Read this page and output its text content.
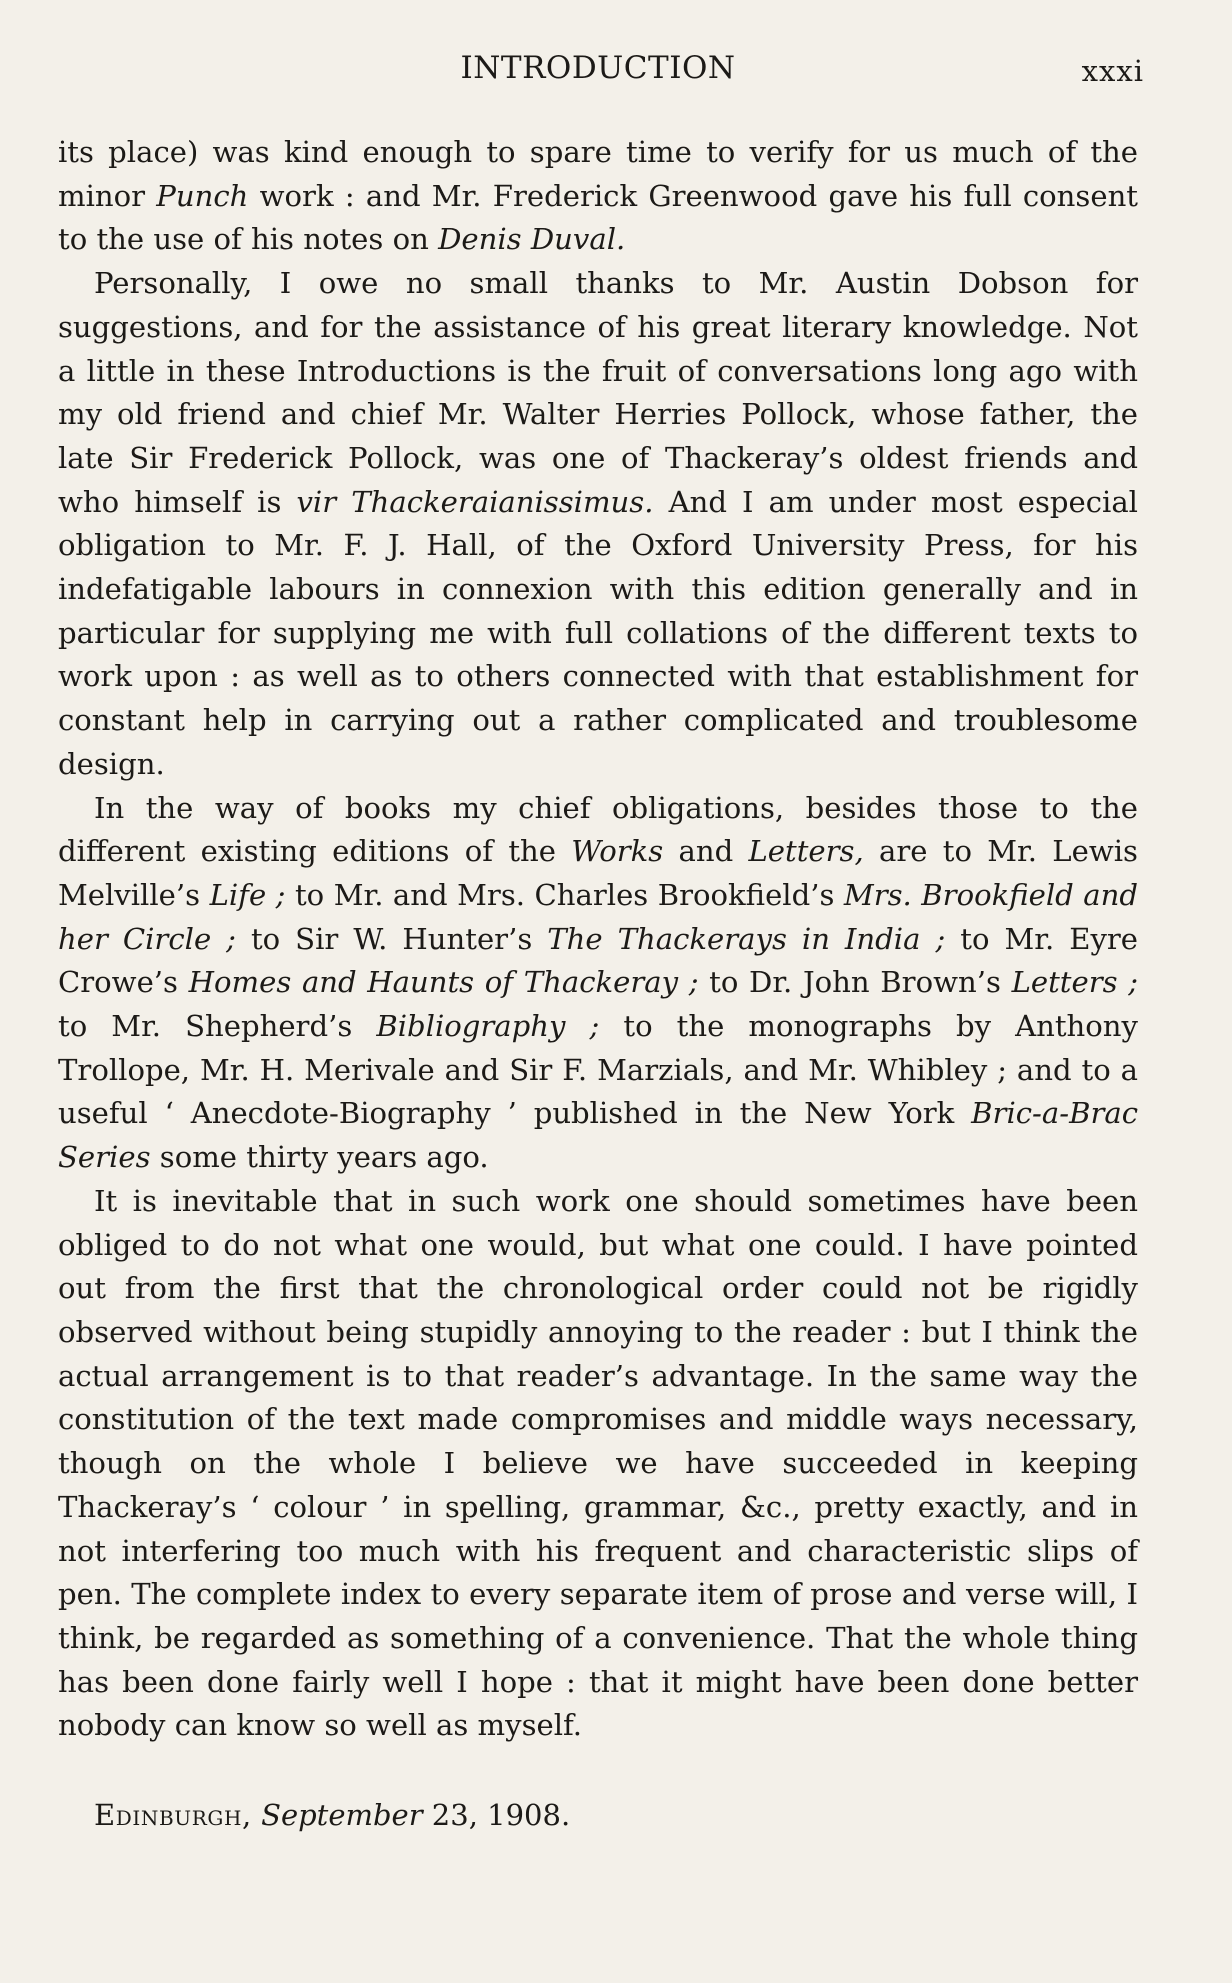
INTRODUCTION	xxxi

its place) was kind enough to spare time to verify for us much of the minor Punch work : and Mr. Frederick Greenwood gave his full consent to the use of his notes on Denis Duval.

Personally, I owe no small thanks to Mr. Austin Dobson for suggestions, and for the assistance of his great literary knowledge. Not a little in these Introductions is the fruit of conversations long ago with my old friend and chief Mr. Walter Herries Pollock, whose father, the late Sir Frederick Pollock, was one of Thackeray’s oldest friends and who himself is vir Thackeraianissimus. And I am under most especial obligation to Mr. F. J. Hall, of the Oxford University Press, for his indefatigable labours in connexion with this edition generally and in particular for supplying me with full collations of the different texts to work upon : as well as to others connected with that establishment for constant help in carrying out a rather complicated and troublesome design.

In the way of books my chief obligations, besides those to the different existing editions of the Works and Letters, are to Mr. Lewis Melville’s Life ; to Mr. and Mrs. Charles Brookfield’s Mrs. Brookfield and her Circle ; to Sir W. Hunter’s The Thackerays in India ; to Mr. Eyre Crowe’s Homes and Haunts of Thackeray ; to Dr. John Brown’s Letters ; to Mr. Shepherd’s Bibliography ; to the monographs by Anthony Trollope, Mr. H. Merivale and Sir F. Marzials, and Mr. Whibley ; and to a useful ‘ Anecdote-Biography ’ published in the New York Bric-a-Brac Series some thirty years ago.

It is inevitable that in such work one should sometimes have been obliged to do not what one would, but what one could. I have pointed out from the first that the chronological order could not be rigidly observed without being stupidly annoying to the reader : but I think the actual arrangement is to that reader’s advantage. In the same way the constitution of the text made compromises and middle ways necessary, though on the whole I believe we have succeeded in keeping Thackeray’s ‘ colour ’ in spelling, grammar, &c., pretty exactly, and in not interfering too much with his frequent and characteristic slips of pen. The complete index to every separate item of prose and verse will, I think, be regarded as something of a convenience. That the whole thing has been done fairly well I hope : that it might have been done better nobody can know so well as myself.

Edinburgh, September 23, 1908.
